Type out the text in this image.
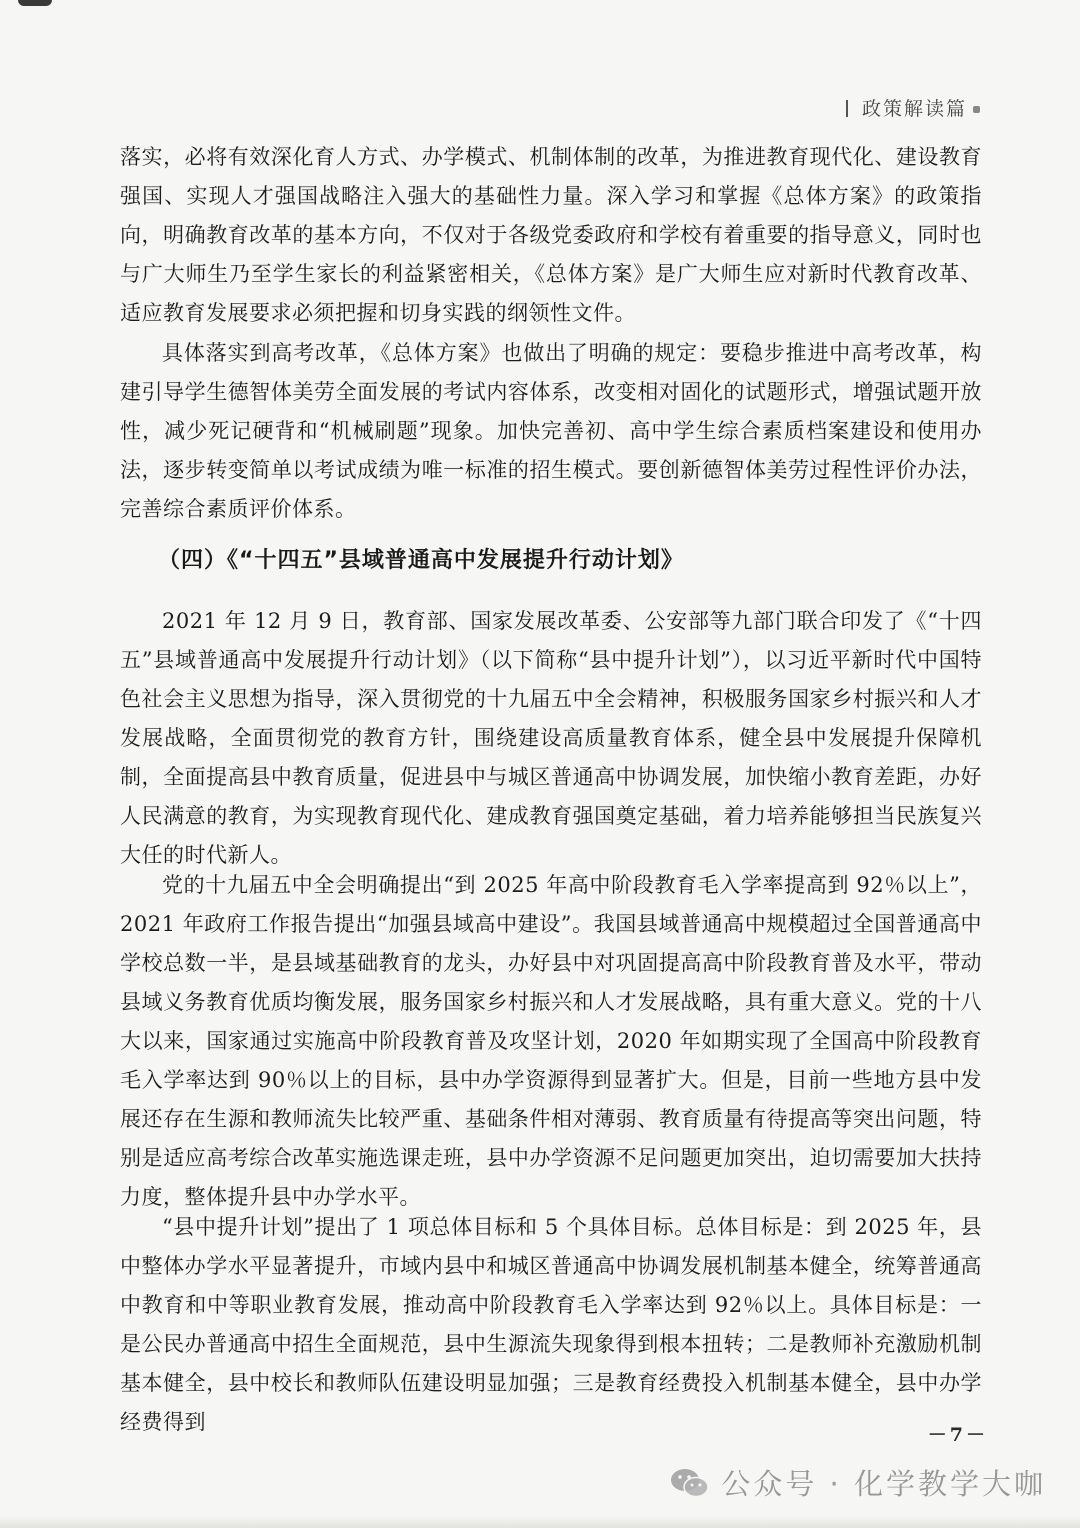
政策解读篇

落实，必将有效深化育人方式、办学模式、机制体制的改革，为推进教育现代化、建设教育强国、实现人才强国战略注入强大的基础性力量。深入学习和掌握《总体方案》的政策指向，明确教育改革的基本方向，不仅对于各级党委政府和学校有着重要的指导意义，同时也与广大师生乃至学生家长的利益紧密相关，《总体方案》是广大师生应对新时代教育改革、适应教育发展要求必须把握和切身实践的纲领性文件。

具体落实到高考改革，《总体方案》也做出了明确的规定：要稳步推进中高考改革，构建引导学生德智体美劳全面发展的考试内容体系，改变相对固化的试题形式，增强试题开放性，减少死记硬背和“机械刷题”现象。加快完善初、高中学生综合素质档案建设和使用办法，逐步转变简单以考试成绩为唯一标准的招生模式。要创新德智体美劳过程性评价办法，完善综合素质评价体系。

（四）《“十四五”县域普通高中发展提升行动计划》

2021 年 12 月 9 日，教育部、国家发展改革委、公安部等九部门联合印发了《“十四五”县域普通高中发展提升行动计划》（以下简称“县中提升计划”），以习近平新时代中国特色社会主义思想为指导，深入贯彻党的十九届五中全会精神，积极服务国家乡村振兴和人才发展战略，全面贯彻党的教育方针，围绕建设高质量教育体系，健全县中发展提升保障机制，全面提高县中教育质量，促进县中与城区普通高中协调发展，加快缩小教育差距，办好人民满意的教育，为实现教育现代化、建成教育强国奠定基础，着力培养能够担当民族复兴大任的时代新人。

党的十九届五中全会明确提出“到 2025 年高中阶段教育毛入学率提高到 92％以上”，2021 年政府工作报告提出“加强县域高中建设”。我国县域普通高中规模超过全国普通高中学校总数一半，是县域基础教育的龙头，办好县中对巩固提高高中阶段教育普及水平，带动县域义务教育优质均衡发展，服务国家乡村振兴和人才发展战略，具有重大意义。党的十八大以来，国家通过实施高中阶段教育普及攻坚计划，2020 年如期实现了全国高中阶段教育毛入学率达到 90％以上的目标，县中办学资源得到显著扩大。但是，目前一些地方县中发展还存在生源和教师流失比较严重、基础条件相对薄弱、教育质量有待提高等突出问题，特别是适应高考综合改革实施选课走班，县中办学资源不足问题更加突出，迫切需要加大扶持力度，整体提升县中办学水平。

“县中提升计划”提出了 1 项总体目标和 5 个具体目标。总体目标是：到 2025 年，县中整体办学水平显著提升，市域内县中和城区普通高中协调发展机制基本健全，统筹普通高中教育和中等职业教育发展，推动高中阶段教育毛入学率达到 92％以上。具体目标是：一是公民办普通高中招生全面规范，县中生源流失现象得到根本扭转；二是教师补充激励机制基本健全，县中校长和教师队伍建设明显加强；三是教育经费投入机制基本健全，县中办学经费得到

－7－
公众号 · 化学教学大咖
